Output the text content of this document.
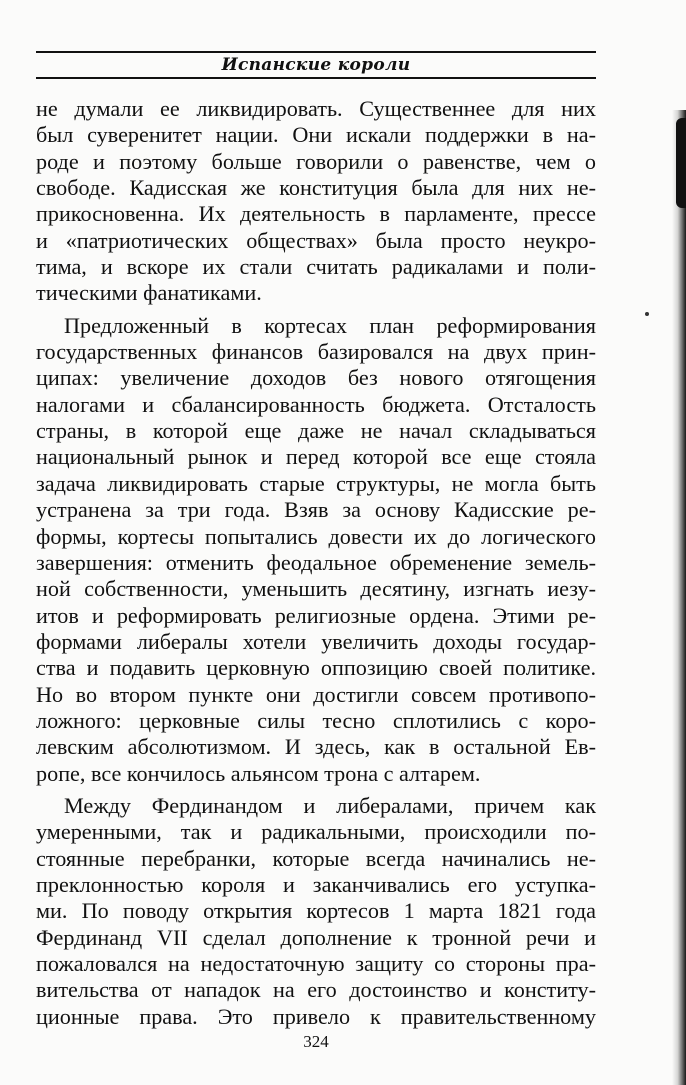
Испанские короли

не думали ее ликвидировать. Существеннее для них
был суверенитет нации. Они искали поддержки в на-
роде и поэтому больше говорили о равенстве, чем о
свободе. Кадисская же конституция была для них не-
прикосновенна. Их деятельность в парламенте, прессе
и «патриотических обществах» была просто неукро-
тима, и вскоре их стали считать радикалами и поли-
тическими фанатиками.

Предложенный в кортесах план реформирования
государственных финансов базировался на двух прин-
ципах: увеличение доходов без нового отягощения
налогами и сбалансированность бюджета. Отсталость
страны, в которой еще даже не начал складываться
национальный рынок и перед которой все еще стояла
задача ликвидировать старые структуры, не могла быть
устранена за три года. Взяв за основу Кадисские ре-
формы, кортесы попытались довести их до логического
завершения: отменить феодальное обременение земель-
ной собственности, уменьшить десятину, изгнать иезу-
итов и реформировать религиозные ордена. Этими ре-
формами либералы хотели увеличить доходы государ-
ства и подавить церковную оппозицию своей политике.
Но во втором пункте они достигли совсем противопо-
ложного: церковные силы тесно сплотились с коро-
левским абсолютизмом. И здесь, как в остальной Ев-
ропе, все кончилось альянсом трона с алтарем.

Между Фердинандом и либералами, причем как
умеренными, так и радикальными, происходили по-
стоянные перебранки, которые всегда начинались не-
преклонностью короля и заканчивались его уступка-
ми. По поводу открытия кортесов 1 марта 1821 года
Фердинанд VII сделал дополнение к тронной речи и
пожаловался на недостаточную защиту со стороны пра-
вительства от нападок на его достоинство и конститу-
ционные права. Это привело к правительственному

324
